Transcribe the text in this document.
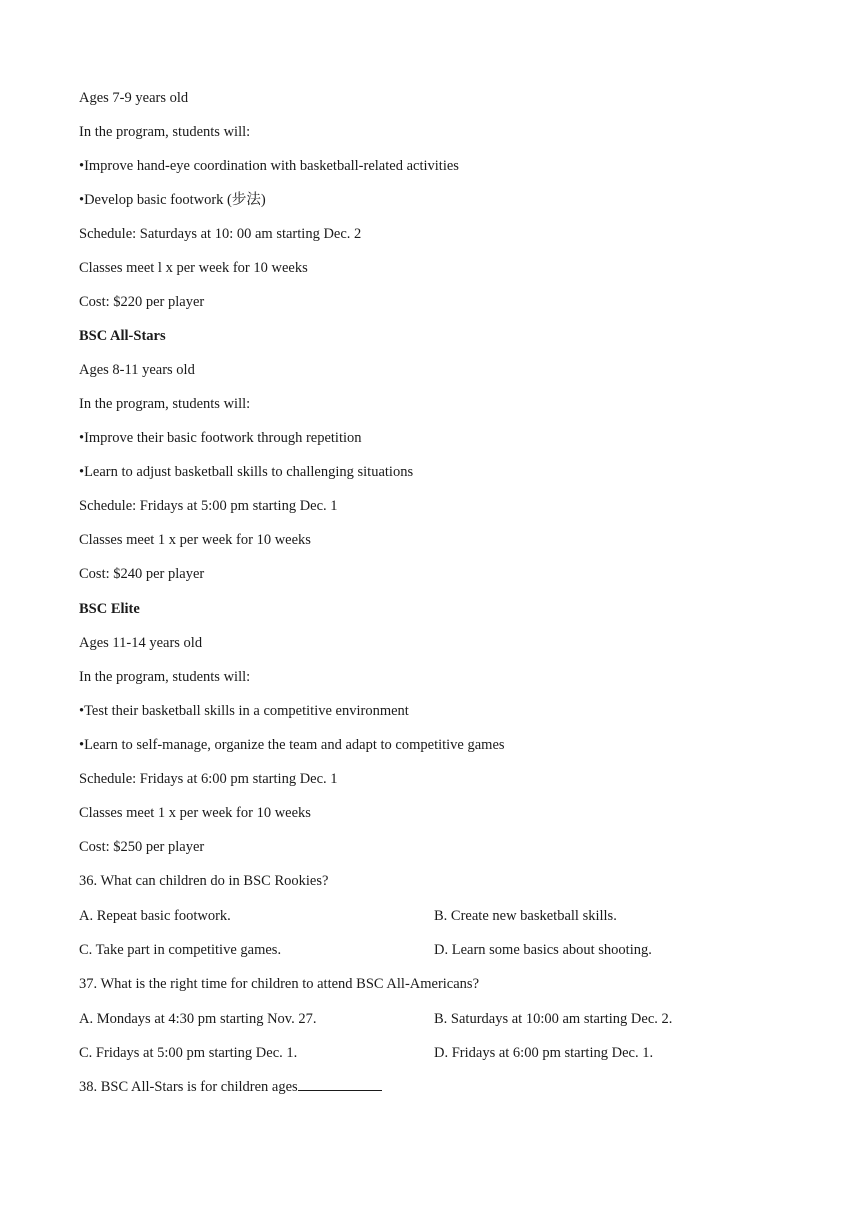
Ages 7-9 years old
In the program, students will:
•Improve hand-eye coordination with basketball-related activities
•Develop basic footwork (步法)
Schedule: Saturdays at 10: 00 am starting Dec. 2
Classes meet l x per week for 10 weeks
Cost: $220 per player
BSC All-Stars
Ages 8-11 years old
In the program, students will:
•Improve their basic footwork through repetition
•Learn to adjust basketball skills to challenging situations
Schedule: Fridays at 5:00 pm starting Dec. 1
Classes meet 1 x per week for 10 weeks
Cost: $240 per player
BSC Elite
Ages 11-14 years old
In the program, students will:
•Test their basketball skills in a competitive environment
•Learn to self-manage, organize the team and adapt to competitive games
Schedule: Fridays at 6:00 pm starting Dec. 1
Classes meet 1 x per week for 10 weeks
Cost: $250 per player
36. What can children do in BSC Rookies?
A. Repeat basic footwork.	B. Create new basketball skills.
C. Take part in competitive games.	D. Learn some basics about shooting.
37. What is the right time for children to attend BSC All-Americans?
A. Mondays at 4:30 pm starting Nov. 27.	B. Saturdays at 10:00 am starting Dec. 2.
C. Fridays at 5:00 pm starting Dec. 1.	D. Fridays at 6:00 pm starting Dec. 1.
38. BSC All-Stars is for children ages
